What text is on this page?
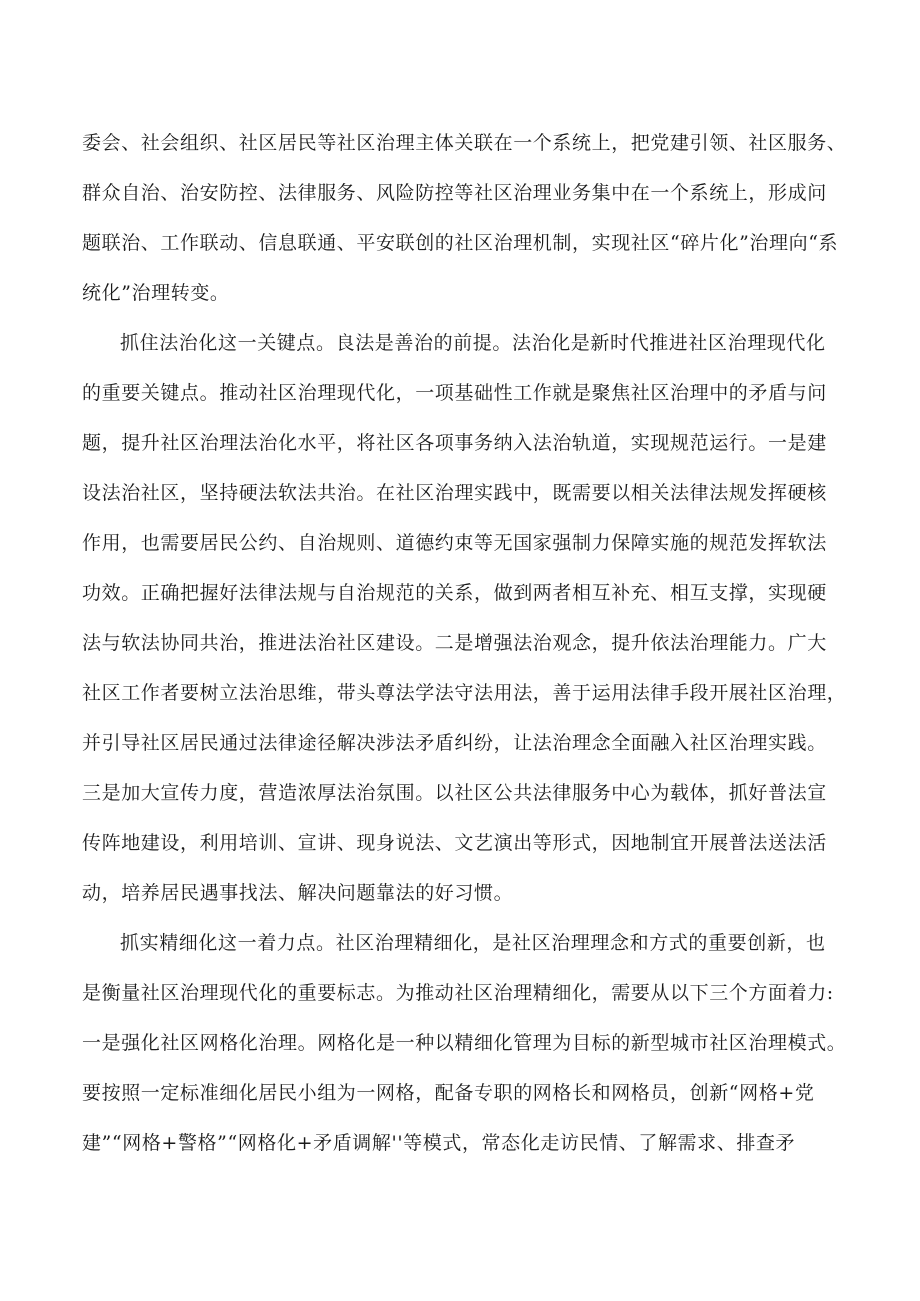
委会、社会组织、社区居民等社区治理主体关联在一个系统上，把党建引领、社区服务、
群众自治、治安防控、法律服务、风险防控等社区治理业务集中在一个系统上，形成问
题联治、工作联动、信息联通、平安联创的社区治理机制，实现社区“碎片化”治理向“系
统化”治理转变。
抓住法治化这一关键点。良法是善治的前提。法治化是新时代推进社区治理现代化
的重要关键点。推动社区治理现代化，一项基础性工作就是聚焦社区治理中的矛盾与问
题，提升社区治理法治化水平，将社区各项事务纳入法治轨道，实现规范运行。一是建
设法治社区，坚持硬法软法共治。在社区治理实践中，既需要以相关法律法规发挥硬核
作用，也需要居民公约、自治规则、道德约束等无国家强制力保障实施的规范发挥软法
功效。正确把握好法律法规与自治规范的关系，做到两者相互补充、相互支撑，实现硬
法与软法协同共治，推进法治社区建设。二是增强法治观念，提升依法治理能力。广大
社区工作者要树立法治思维，带头尊法学法守法用法，善于运用法律手段开展社区治理，
并引导社区居民通过法律途径解决涉法矛盾纠纷，让法治理念全面融入社区治理实践。
三是加大宣传力度，营造浓厚法治氛围。以社区公共法律服务中心为载体，抓好普法宣
传阵地建设，利用培训、宣讲、现身说法、文艺演出等形式，因地制宜开展普法送法活
动，培养居民遇事找法、解决问题靠法的好习惯。
抓实精细化这一着力点。社区治理精细化，是社区治理理念和方式的重要创新，也
是衡量社区治理现代化的重要标志。为推动社区治理精细化，需要从以下三个方面着力:
一是强化社区网格化治理。网格化是一种以精细化管理为目标的新型城市社区治理模式。
要按照一定标准细化居民小组为一网格，配备专职的网格长和网格员，创新“网格+党
建”“网格+警格”“网格化+矛盾调解''等模式，常态化走访民情、了解需求、排查矛
